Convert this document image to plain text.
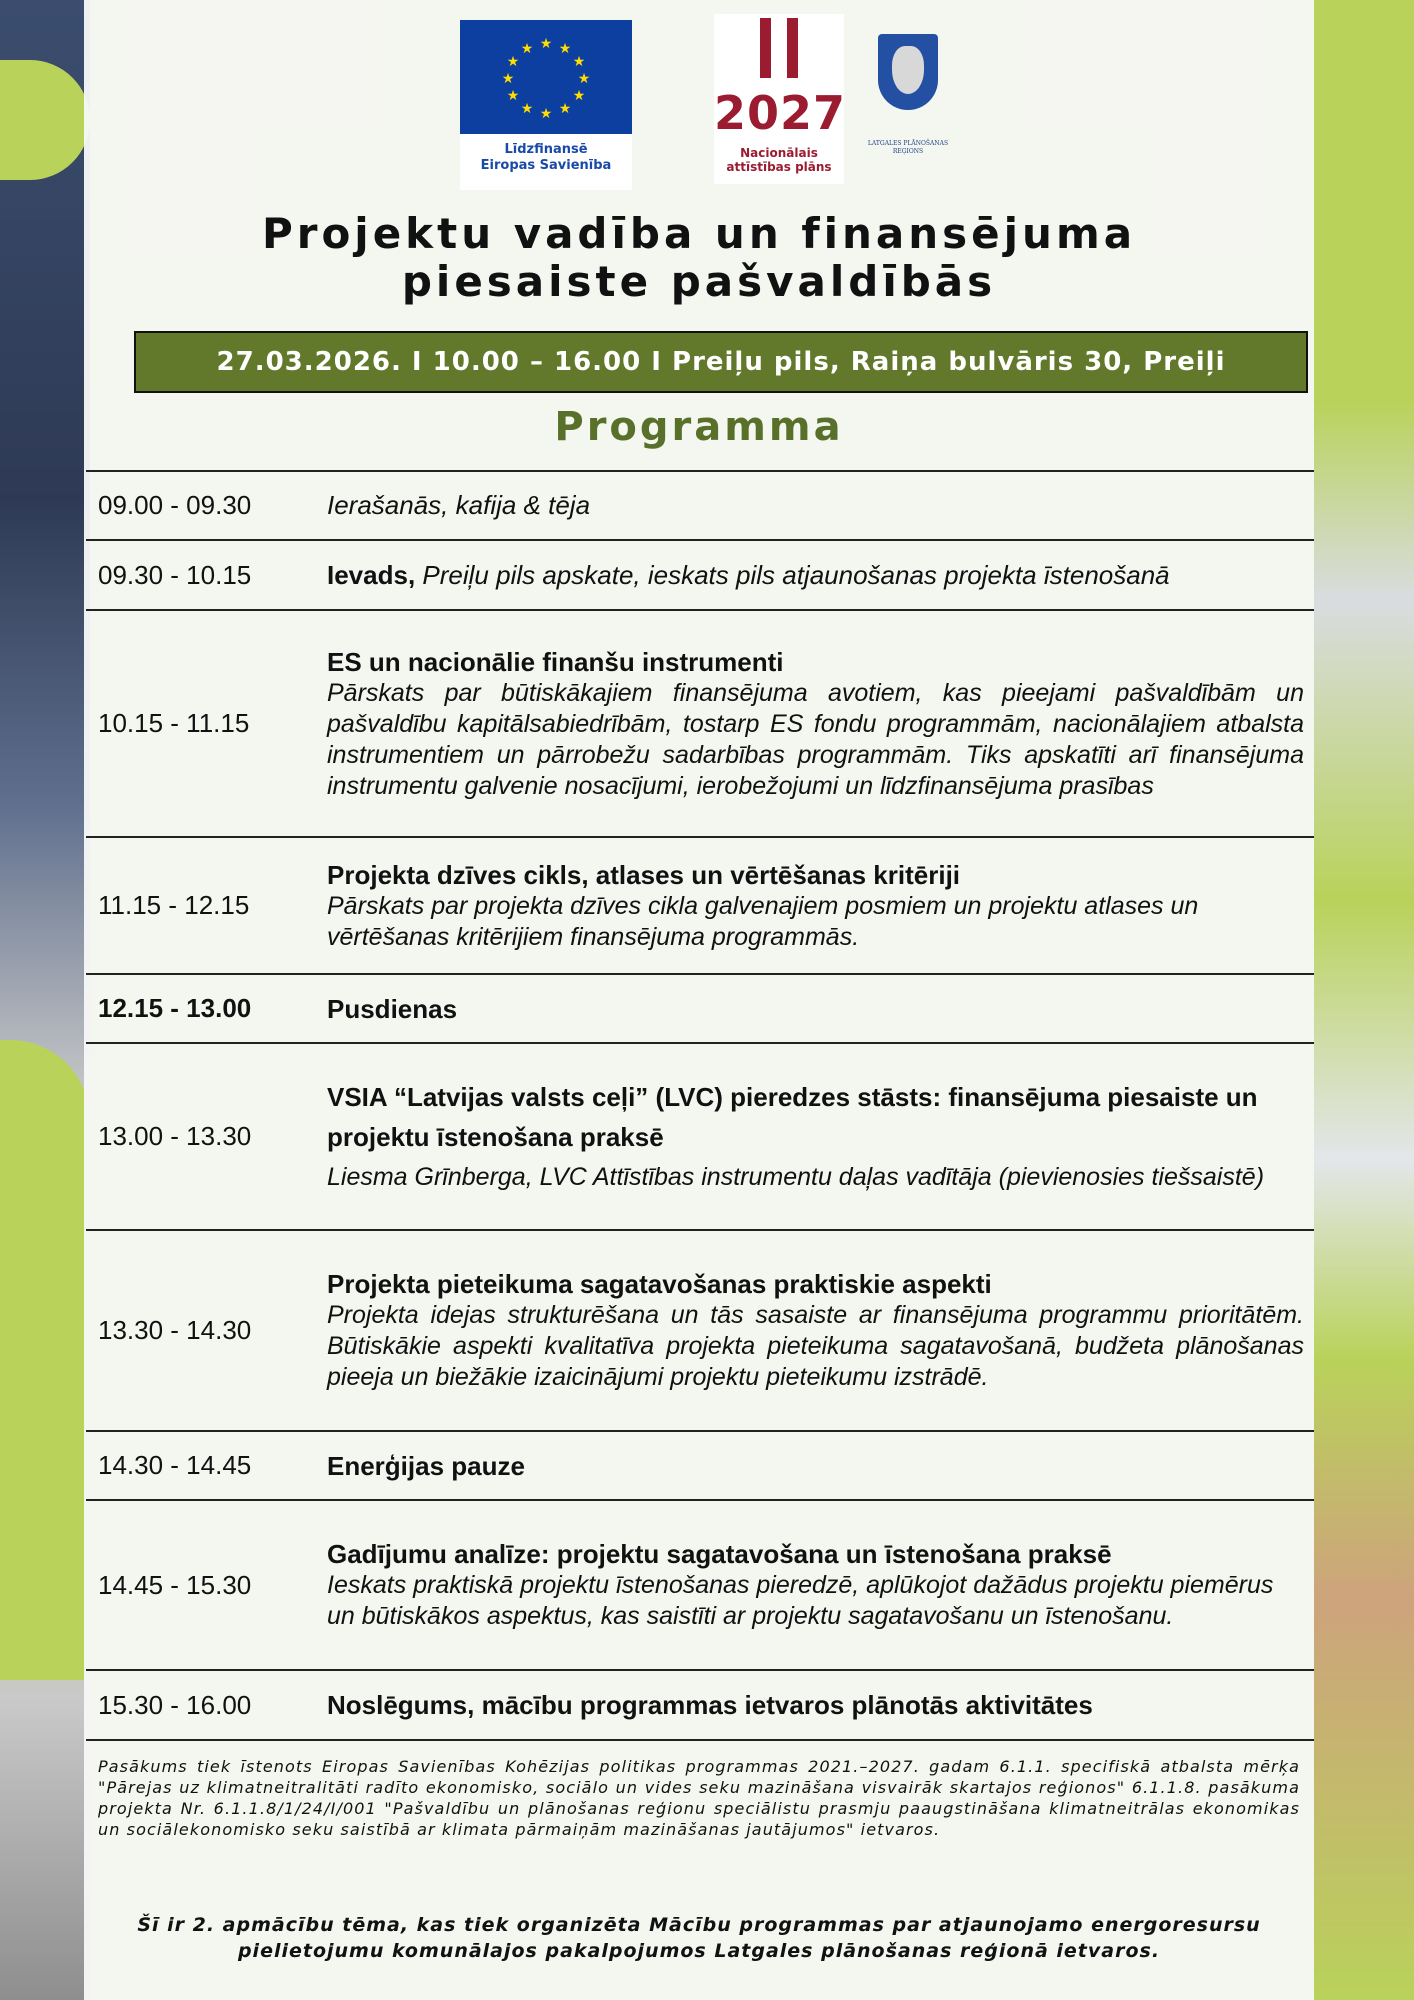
★ ★
★
★
★
★
★
★
★
★
★
★
Līdzfinansē
Eiropas Savienība
2027
Nacionālais
attīstības plāns
LATGALES PLĀNOŠANAS
REĢIONS
Projektu vadība un finansējuma
piesaiste pašvaldībās
27.03.2026. I 10.00 – 16.00 I Preiļu pils, Raiņa bulvāris 30, Preiļi
Programma
09.00 - 09.30	Ierašanās, kafija & tēja
09.30 - 10.15	Ievads, Preiļu pils apskate, ieskats pils atjaunošanas projekta īstenošanā
10.15 - 11.15
ES un nacionālie finanšu instrumenti
Pārskats par būtiskākajiem finansējuma avotiem, kas pieejami pašvaldībām un pašvaldību kapitālsabiedrībām, tostarp ES fondu programmām, nacionālajiem atbalsta instrumentiem un pārrobežu sadarbības programmām. Tiks apskatīti arī finansējuma instrumentu galvenie nosacījumi, ierobežojumi un līdzfinansējuma prasības
11.15 - 12.15
Projekta dzīves cikls, atlases un vērtēšanas kritēriji
Pārskats par projekta dzīves cikla galvenajiem posmiem un projektu atlases un vērtēšanas kritērijiem finansējuma programmās.
12.15 - 13.00	Pusdienas
13.00 - 13.30
VSIA “Latvijas valsts ceļi” (LVC) pieredzes stāsts: finansējuma piesaiste un projektu īstenošana praksē
Liesma Grīnberga, LVC Attīstības instrumentu daļas vadītāja (pievienosies tiešsaistē)
13.30 - 14.30
Projekta pieteikuma sagatavošanas praktiskie aspekti
Projekta idejas strukturēšana un tās sasaiste ar finansējuma programmu prioritātēm. Būtiskākie aspekti kvalitatīva projekta pieteikuma sagatavošanā, budžeta plānošanas pieeja un biežākie izaicinājumi projektu pieteikumu izstrādē.
14.30 - 14.45	Enerģijas pauze
14.45 - 15.30
Gadījumu analīze: projektu sagatavošana un īstenošana praksē
Ieskats praktiskā projektu īstenošanas pieredzē, aplūkojot dažādus projektu piemērus un būtiskākos aspektus, kas saistīti ar projektu sagatavošanu un īstenošanu.
15.30 - 16.00	Noslēgums, mācību programmas ietvaros plānotās aktivitātes
Pasākums tiek īstenots Eiropas Savienības Kohēzijas politikas programmas 2021.–2027. gadam 6.1.1. specifiskā atbalsta mērķa "Pārejas uz klimatneitralitāti radīto ekonomisko, sociālo un vides seku mazināšana visvairāk skartajos reģionos" 6.1.1.8. pasākuma projekta Nr. 6.1.1.8/1/24/I/001 "Pašvaldību un plānošanas reģionu speciālistu prasmju paaugstināšana klimatneitrālas ekonomikas un sociālekonomisko seku saistībā ar klimata pārmaiņām mazināšanas jautājumos" ietvaros.
Šī ir 2. apmācību tēma, kas tiek organizēta Mācību programmas par atjaunojamo energoresursu
pielietojumu komunālajos pakalpojumos Latgales plānošanas reģionā ietvaros.
